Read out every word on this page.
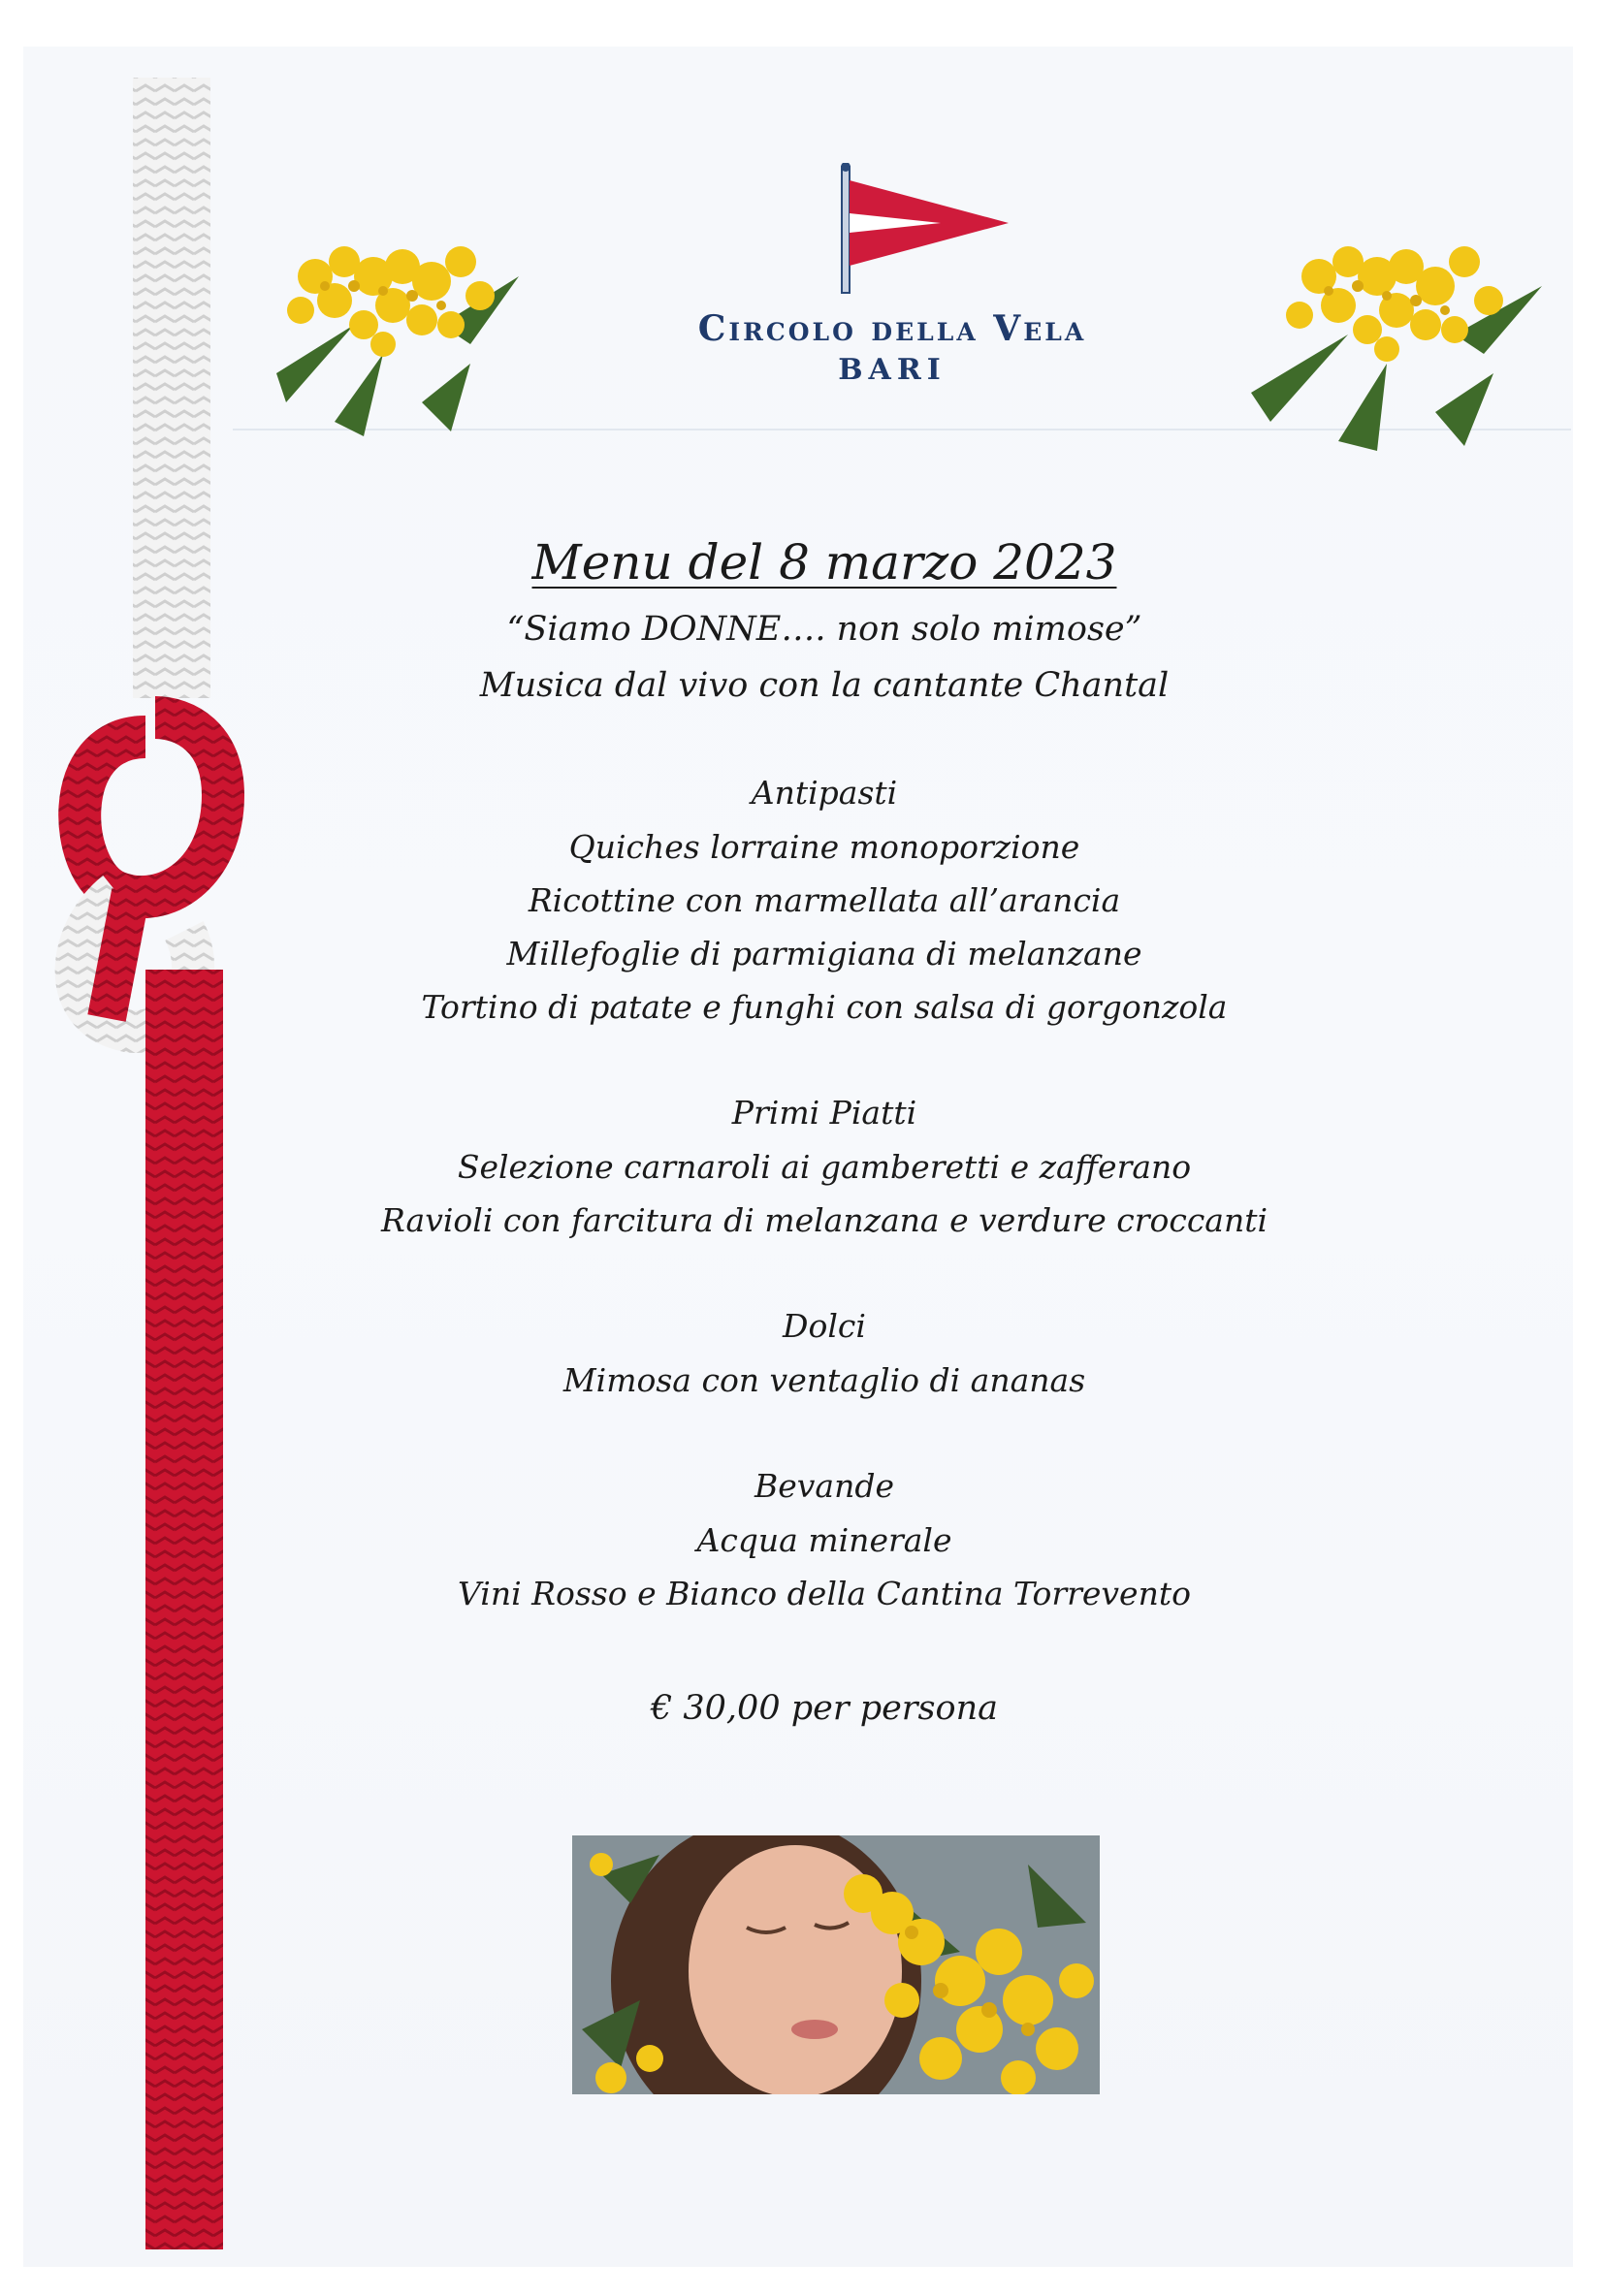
Circolo della Vela
BARI

Menu del 8 marzo 2023

“Siamo DONNE…. non solo mimose”

Musica dal vivo con la cantante Chantal

Antipasti

Quiches lorraine monoporzione

Ricottine con marmellata all’arancia

Millefoglie di parmigiana di melanzane

Tortino di patate e funghi con salsa di gorgonzola

Primi Piatti

Selezione carnaroli ai gamberetti e zafferano

Ravioli con farcitura di melanzana e verdure croccanti

Dolci

Mimosa con ventaglio di ananas

Bevande

Acqua minerale

Vini Rosso e Bianco della Cantina Torrevento

€ 30,00 per persona
